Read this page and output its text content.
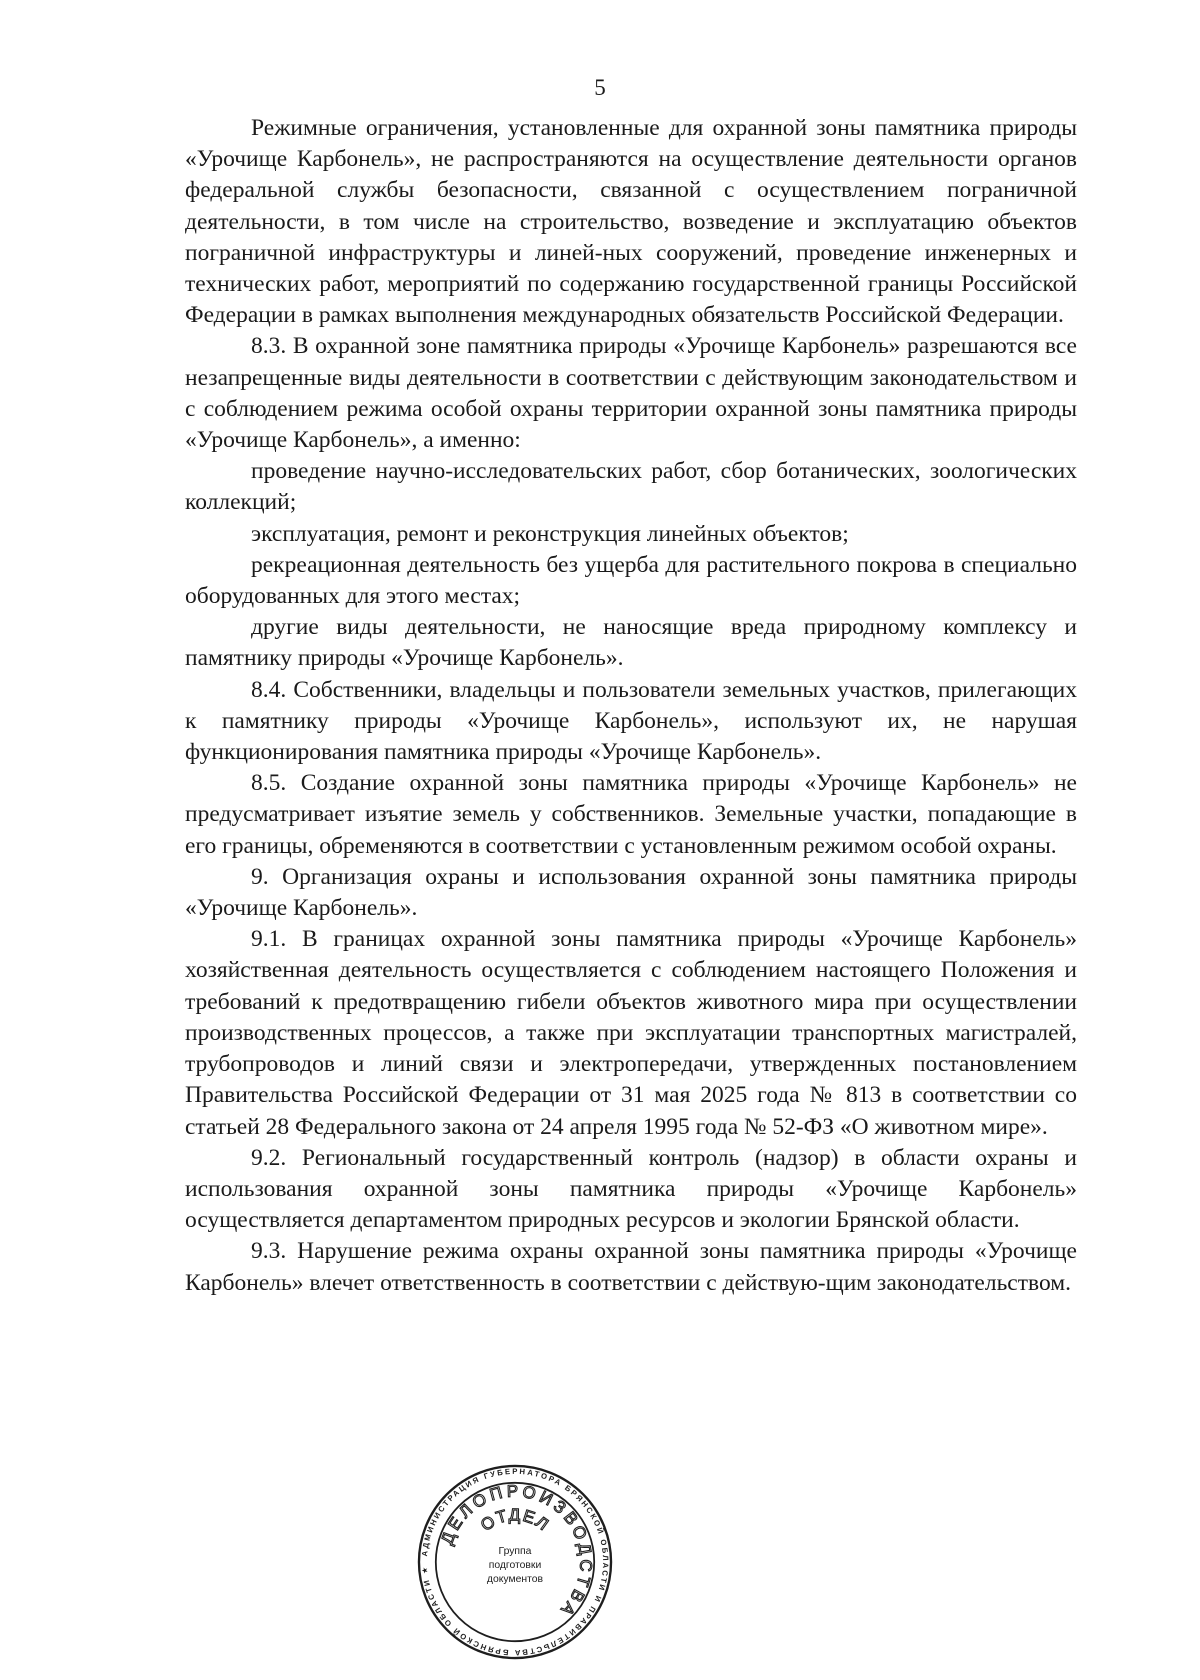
5

Режимные ограничения, установленные для охранной зоны памятника природы «Урочище Карбонель», не распространяются на осуществление деятельности органов федеральной службы безопасности, связанной с осуществлением пограничной деятельности, в том числе на строительство, возведение и эксплуатацию объектов пограничной инфраструктуры и линей-ных сооружений, проведение инженерных и технических работ, мероприятий по содержанию государственной границы Российской Федерации в рамках выполнения международных обязательств Российской Федерации.

8.3. В охранной зоне памятника природы «Урочище Карбонель» разрешаются все незапрещенные виды деятельности в соответствии с действующим законодательством и с соблюдением режима особой охраны территории охранной зоны памятника природы «Урочище Карбонель», а именно:

проведение научно-исследовательских работ, сбор ботанических, зоологических коллекций;

эксплуатация, ремонт и реконструкция линейных объектов;

рекреационная деятельность без ущерба для растительного покрова в специально оборудованных для этого местах;

другие виды деятельности, не наносящие вреда природному комплексу и памятнику природы «Урочище Карбонель».

8.4. Собственники, владельцы и пользователи земельных участков, прилегающих к памятнику природы «Урочище Карбонель», используют их, не нарушая функционирования памятника природы «Урочище Карбонель».

8.5. Создание охранной зоны памятника природы «Урочище Карбонель» не предусматривает изъятие земель у собственников. Земельные участки, попадающие в его границы, обременяются в соответствии с установленным режимом особой охраны.

9. Организация охраны и использования охранной зоны памятника природы «Урочище Карбонель».

9.1. В границах охранной зоны памятника природы «Урочище Карбонель» хозяйственная деятельность осуществляется с соблюдением настоящего Положения и требований к предотвращению гибели объектов животного мира при осуществлении производственных процессов, а также при эксплуатации транспортных магистралей, трубопроводов и линий связи и электропередачи, утвержденных постановлением Правительства Российской Федерации от 31 мая 2025 года № 813 в соответствии со статьей 28 Федерального закона от 24 апреля 1995 года № 52-ФЗ «О животном мире».

9.2. Региональный государственный контроль (надзор) в области охраны и использования охранной зоны памятника природы «Урочище Карбонель» осуществляется департаментом природных ресурсов и экологии Брянской области.

9.3. Нарушение режима охраны охранной зоны памятника природы «Урочище Карбонель» влечет ответственность в соответствии с действую-щим законодательством.

АДМИНИСТРАЦИЯ ГУБЕРНАТОРА БРЯНСКОЙ ОБЛАСТИ И ПРАВИТЕЛЬСТВА БРЯНСКОЙ ОБЛАСТИ ★
ОТДЕЛ
ДЕЛОПРОИЗВОДСТВА
Группа
подготовки
документов
